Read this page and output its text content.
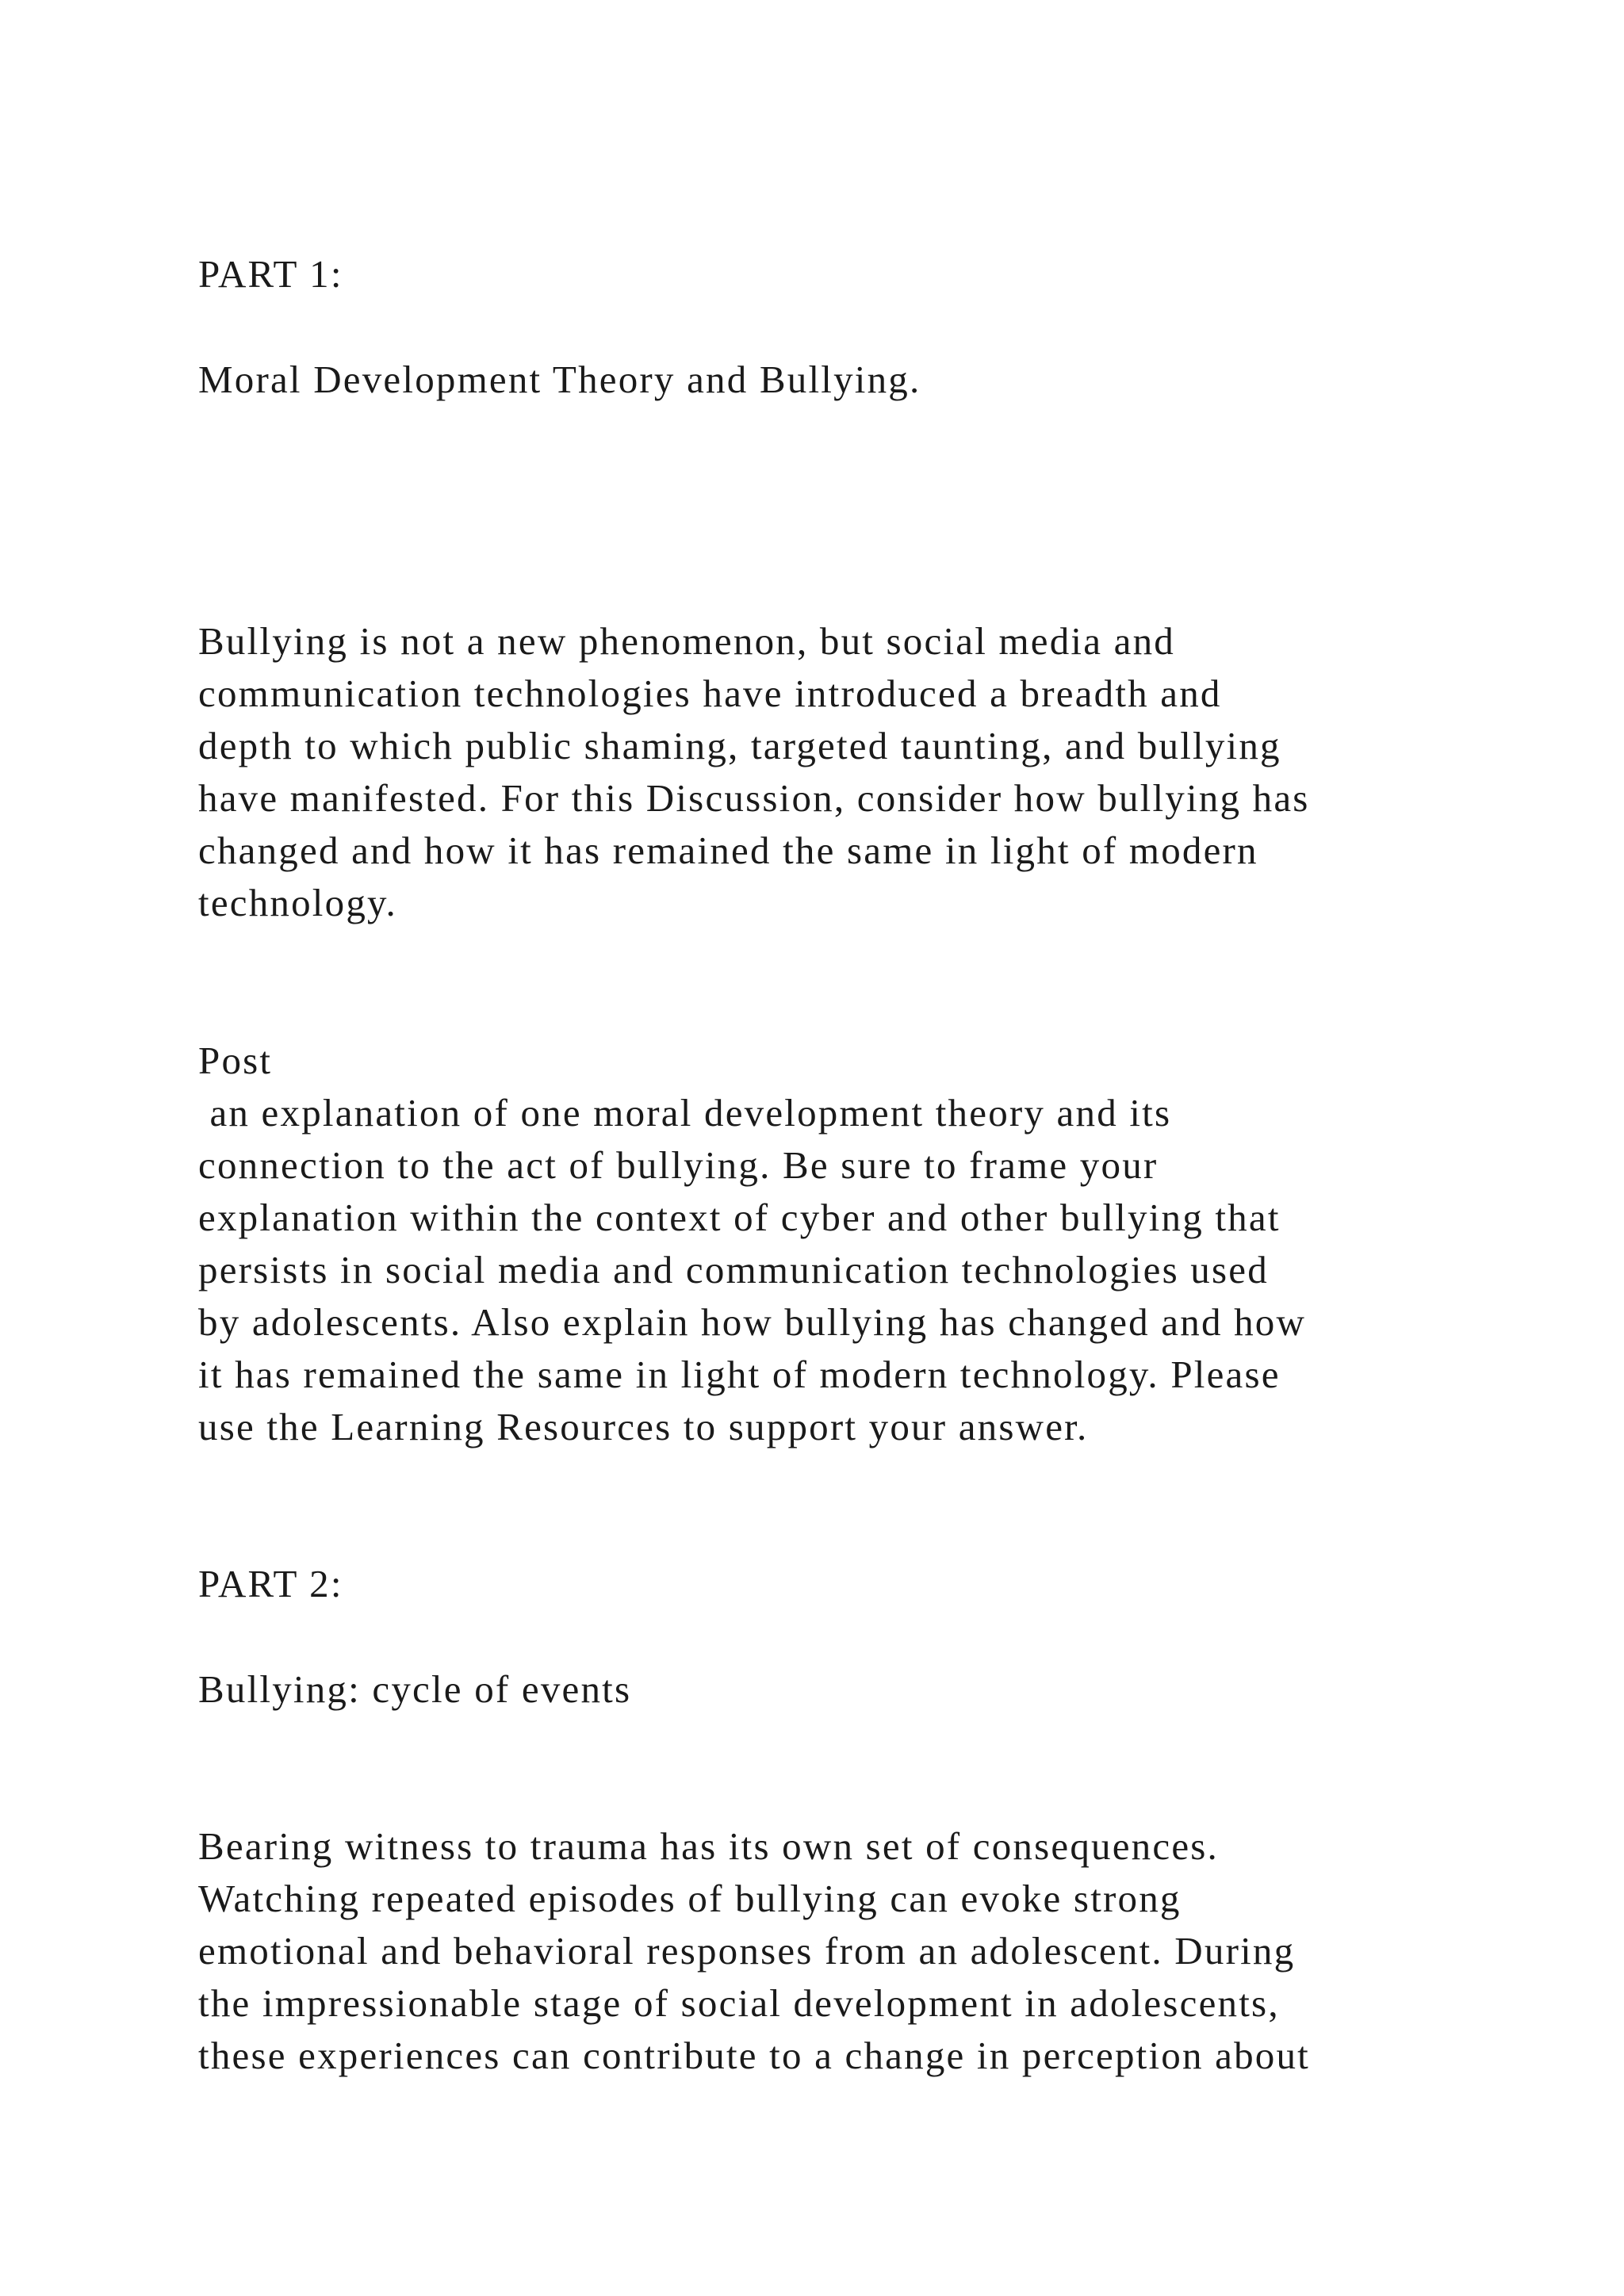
PART 1:

Moral Development Theory and Bullying.

Bullying is not a new phenomenon, but social media and

communication technologies have introduced a breadth and

depth to which public shaming, targeted taunting, and bullying

have manifested. For this Discussion, consider how bullying has

changed and how it has remained the same in light of modern

technology.

Post

an explanation of one moral development theory and its

connection to the act of bullying. Be sure to frame your

explanation within the context of cyber and other bullying that

persists in social media and communication technologies used

by adolescents. Also explain how bullying has changed and how

it has remained the same in light of modern technology. Please

use the Learning Resources to support your answer.

PART 2:

Bullying: cycle of events

Bearing witness to trauma has its own set of consequences.

Watching repeated episodes of bullying can evoke strong

emotional and behavioral responses from an adolescent. During

the impressionable stage of social development in adolescents,

these experiences can contribute to a change in perception about
